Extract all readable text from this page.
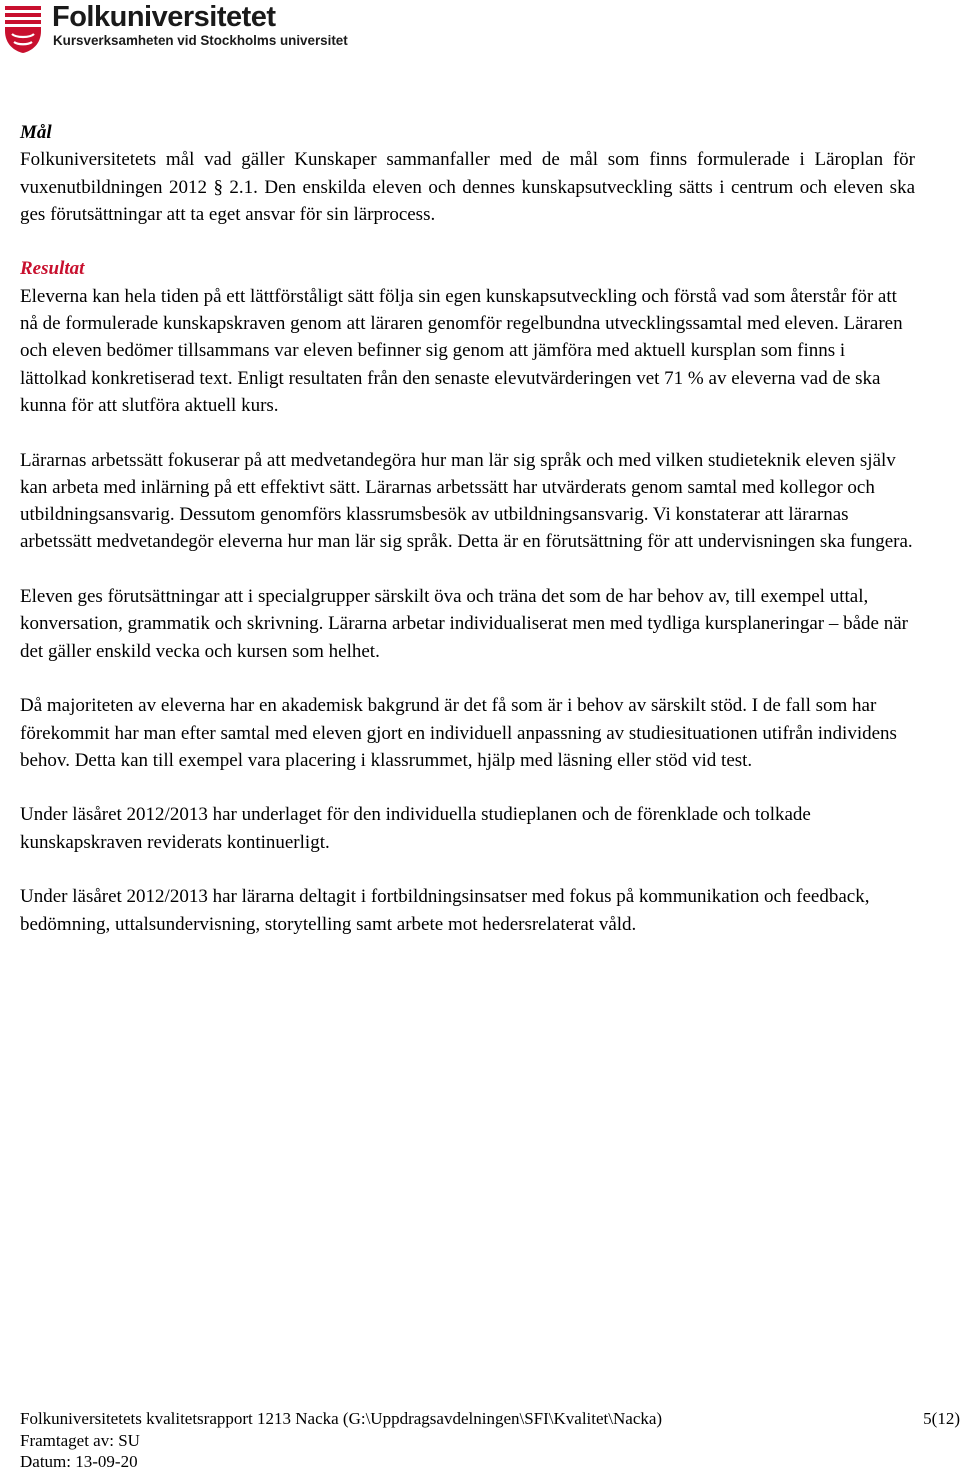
Folkuniversitetet
Kursverksamheten vid Stockholms universitet
Mål

Folkuniversitetets mål vad gäller Kunskaper sammanfaller med de mål som finns formulerade i Läroplan för vuxenutbildningen 2012 § 2.1. Den enskilda eleven och dennes kunskapsutveckling sätts i centrum och eleven ska ges förutsättningar att ta eget ansvar för sin lärprocess.

Resultat

Eleverna kan hela tiden på ett lättförståligt sätt följa sin egen kunskapsutveckling och förstå vad som återstår för att nå de formulerade kunskapskraven genom att läraren genomför regelbundna utvecklingssamtal med eleven. Läraren och eleven bedömer tillsammans var eleven befinner sig genom att jämföra med aktuell kursplan som finns i lättolkad konkretiserad text. Enligt resultaten från den senaste elevutvärderingen vet 71 % av eleverna vad de ska kunna för att slutföra aktuell kurs.

Lärarnas arbetssätt fokuserar på att medvetandegöra hur man lär sig språk och med vilken studieteknik eleven själv kan arbeta med inlärning på ett effektivt sätt. Lärarnas arbetssätt har utvärderats genom samtal med kollegor och utbildningsansvarig. Dessutom genomförs klassrumsbesök av utbildningsansvarig. Vi konstaterar att lärarnas arbetssätt medvetandegör eleverna hur man lär sig språk. Detta är en förutsättning för att undervisningen ska fungera.

Eleven ges förutsättningar att i specialgrupper särskilt öva och träna det som de har behov av, till exempel uttal, konversation, grammatik och skrivning. Lärarna arbetar individualiserat men med tydliga kursplaneringar – både när det gäller enskild vecka och kursen som helhet.

Då majoriteten av eleverna har en akademisk bakgrund är det få som är i behov av särskilt stöd. I de fall som har förekommit har man efter samtal med eleven gjort en individuell anpassning av studiesituationen utifrån individens behov. Detta kan till exempel vara placering i klassrummet, hjälp med läsning eller stöd vid test.

Under läsåret 2012/2013 har underlaget för den individuella studieplanen och de förenklade och tolkade kunskapskraven reviderats kontinuerligt.

Under läsåret 2012/2013 har lärarna deltagit i fortbildningsinsatser med fokus på kommunikation och feedback, bedömning, uttalsundervisning, storytelling samt arbete mot hedersrelaterat våld.

Folkuniversitetets kvalitetsrapport 1213 Nacka (G:\Uppdragsavdelningen\SFI\Kvalitet\Nacka)	5(12)
Framtaget av: SU
Datum: 13-09-20
